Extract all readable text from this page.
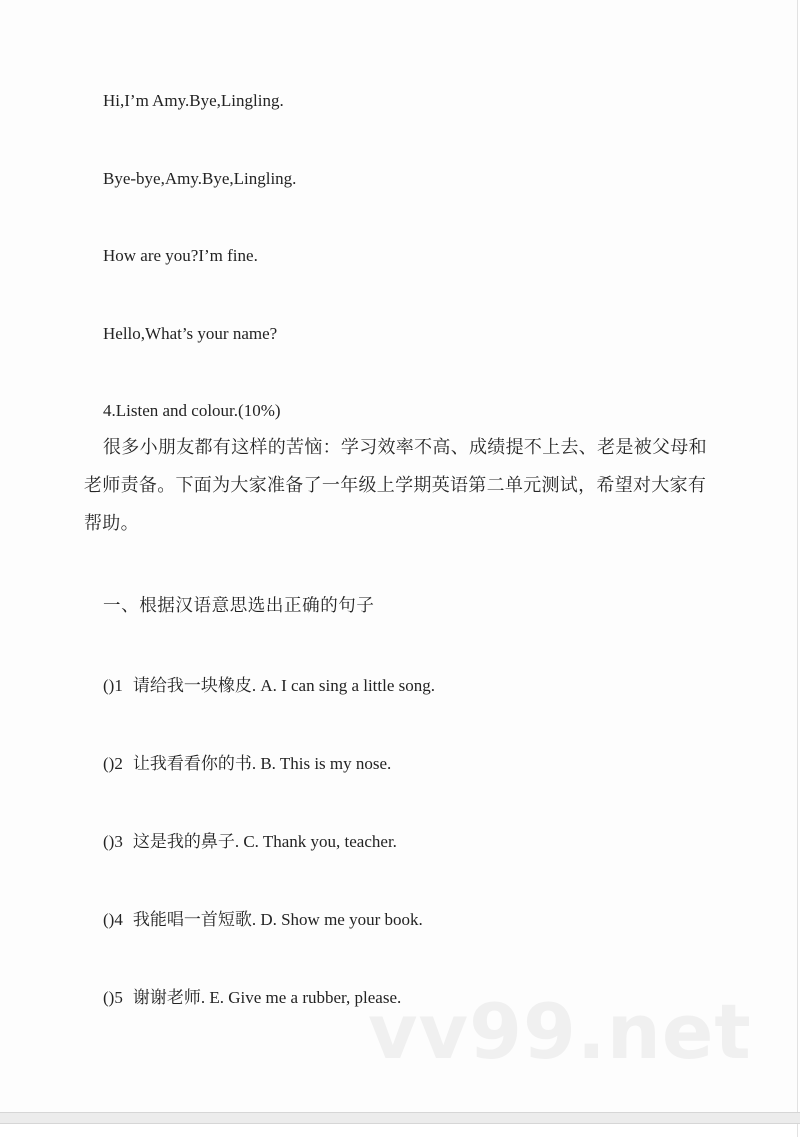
Hi,I’m Amy.Bye,Lingling.
Bye-bye,Amy.Bye,Lingling.
How are you?I’m fine.
Hello,What’s your name?
4.Listen and colour.(10%)
很多小朋友都有这样的苦恼：学习效率不高、成绩提不上去、老是被父母和老师责备。下面为大家准备了一年级上学期英语第二单元测试，希望对大家有帮助。
一、根据汉语意思选出正确的句子
()1 请给我一块橡皮. A. I can sing a little song.
()2 让我看看你的书. B. This is my nose.
()3 这是我的鼻子. C. Thank you, teacher.
()4 我能唱一首短歌. D. Show me your book.
()5 谢谢老师. E. Give me a rubber, please.
vv99.net
